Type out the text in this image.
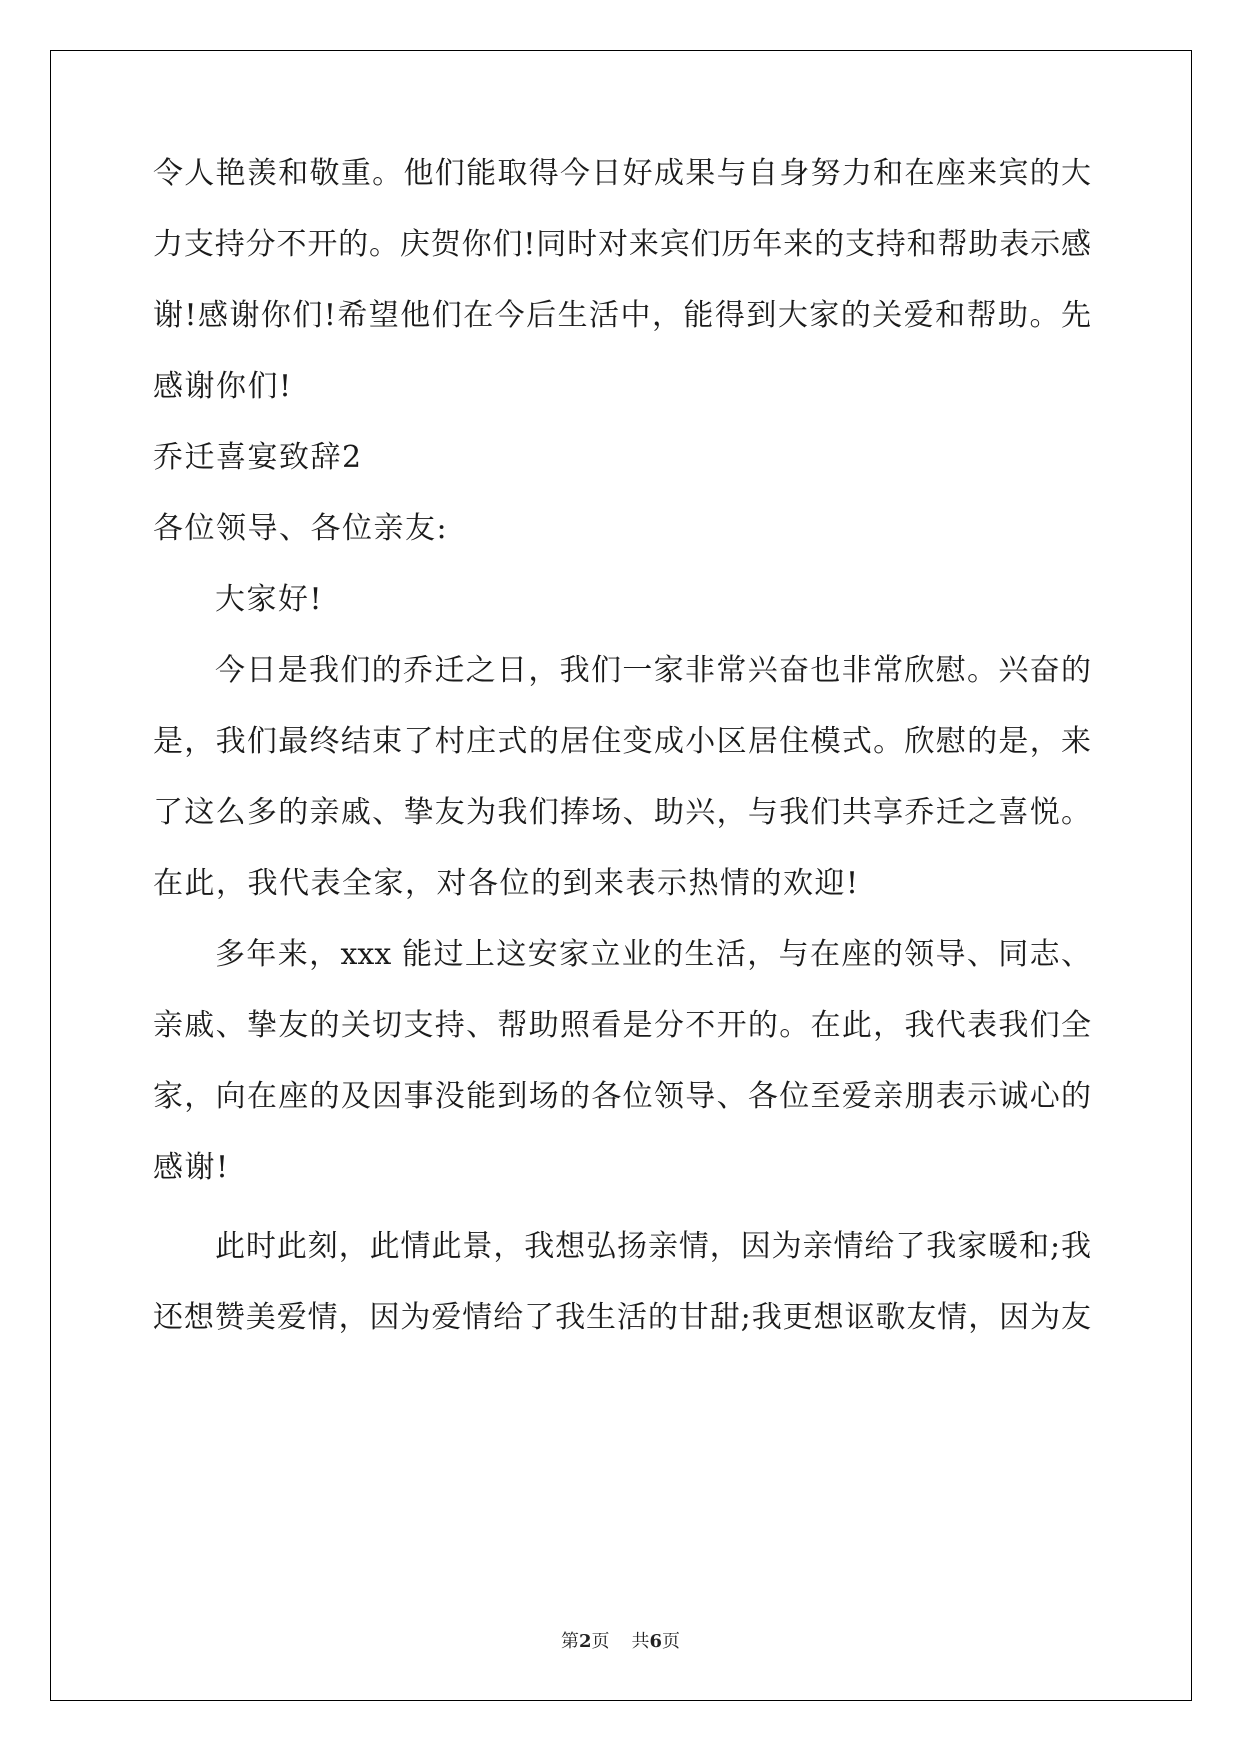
令人艳羡和敬重。他们能取得今日好成果与自身努力和在座来宾的大
力支持分不开的。庆贺你们!同时对来宾们历年来的支持和帮助表示感
谢!感谢你们!希望他们在今后生活中，能得到大家的关爱和帮助。先
感谢你们!
乔迁喜宴致辞2
各位领导、各位亲友:
大家好!
今日是我们的乔迁之日，我们一家非常兴奋也非常欣慰。兴奋的
是，我们最终结束了村庄式的居住变成小区居住模式。欣慰的是，来
了这么多的亲戚、挚友为我们捧场、助兴，与我们共享乔迁之喜悦。
在此，我代表全家，对各位的到来表示热情的欢迎!
多年来，xxx 能过上这安家立业的生活，与在座的领导、同志、
亲戚、挚友的关切支持、帮助照看是分不开的。在此，我代表我们全
家，向在座的及因事没能到场的各位领导、各位至爱亲朋表示诚心的
感谢!
此时此刻，此情此景，我想弘扬亲情，因为亲情给了我家暖和;我
还想赞美爱情，因为爱情给了我生活的甘甜;我更想讴歌友情，因为友
第2页 共6页
